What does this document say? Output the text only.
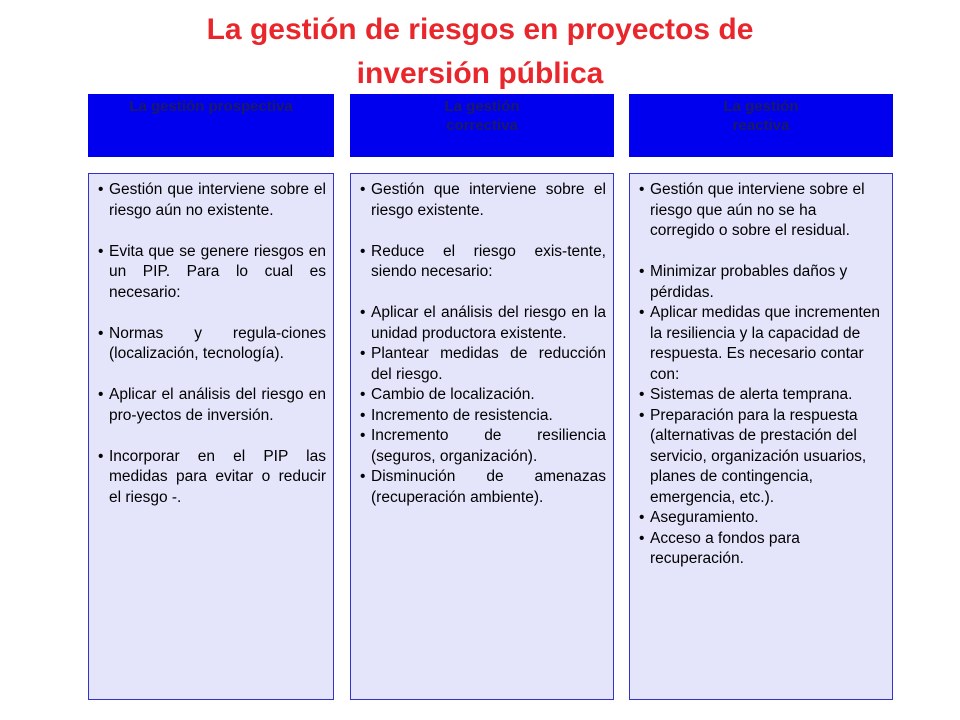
La gestión de riesgos en proyectos de
inversión pública
La gestión prospectiva	La gestión
correctiva
La gestión
reactiva
• Gestión que interviene sobre el riesgo aún no existente.
• Evita que se genere riesgos en un PIP. Para lo cual es necesario:
• Normas y regula-ciones (localización, tecnología).
• Aplicar el análisis del riesgo en pro-yectos de inversión.
• Incorporar en el PIP las medidas para evitar o reducir el riesgo -.
• Gestión que interviene sobre el riesgo existente.
• Reduce el riesgo exis-tente, siendo necesario:
• Aplicar el análisis del riesgo en la unidad productora existente.
• Plantear medidas de reducción del riesgo.
• Cambio de localización.
• Incremento de resistencia.
• Incremento de resiliencia (seguros, organización).
• Disminución de amenazas (recuperación ambiente).
• Gestión que interviene sobre el riesgo que aún no se ha corregido o sobre el residual.
• Minimizar probables daños y pérdidas.
• Aplicar medidas que incrementen la resiliencia y la capacidad de respuesta. Es necesario contar con:
• Sistemas de alerta temprana.
• Preparación para la respuesta (alternativas de prestación del servicio, organización usuarios, planes de contingencia, emergencia, etc.).
• Aseguramiento.
• Acceso a fondos para recuperación.
